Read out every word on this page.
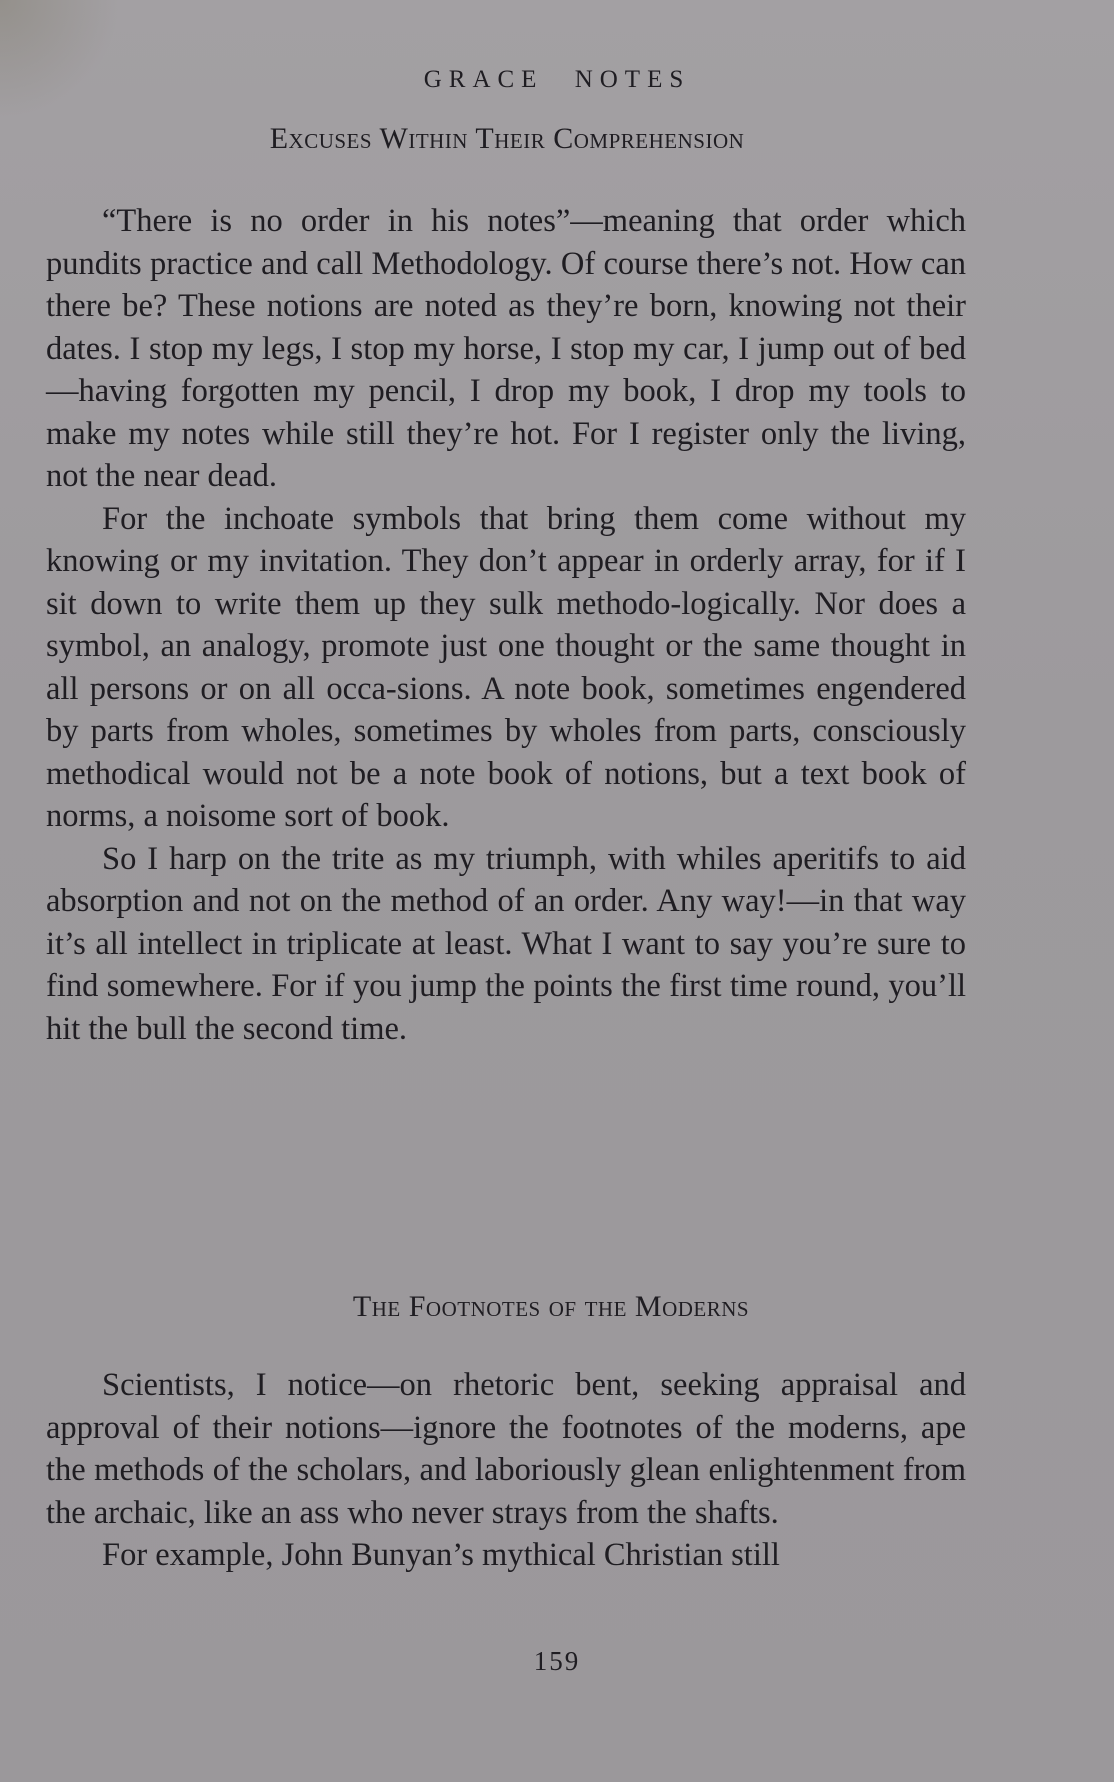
GRACE NOTES
Excuses Within Their Comprehension

“There is no order in his notes”—meaning that order which pundits practice and call Methodology. Of course there’s not. How can there be? These notions are noted as they’re born, knowing not their dates. I stop my legs, I stop my horse, I stop my car, I jump out of bed—having forgotten my pencil, I drop my book, I drop my tools to make my notes while still they’re hot. For I register only the living, not the near dead.

For the inchoate symbols that bring them come without my knowing or my invitation. They don’t appear in orderly array, for if I sit down to write them up they sulk methodo‑logically. Nor does a symbol, an analogy, promote just one thought or the same thought in all persons or on all occa‑sions. A note book, sometimes engendered by parts from wholes, sometimes by wholes from parts, consciously methodical would not be a note book of notions, but a text book of norms, a noisome sort of book.

So I harp on the trite as my triumph, with whiles aperitifs to aid absorption and not on the method of an order. Any way!—in that way it’s all intellect in triplicate at least. What I want to say you’re sure to find somewhere. For if you jump the points the first time round, you’ll hit the bull the second time.

The Footnotes of the Moderns

Scientists, I notice—on rhetoric bent, seeking appraisal and approval of their notions—ignore the footnotes of the moderns, ape the methods of the scholars, and laboriously glean enlightenment from the archaic, like an ass who never strays from the shafts.

For example, John Bunyan’s mythical Christian still

159
